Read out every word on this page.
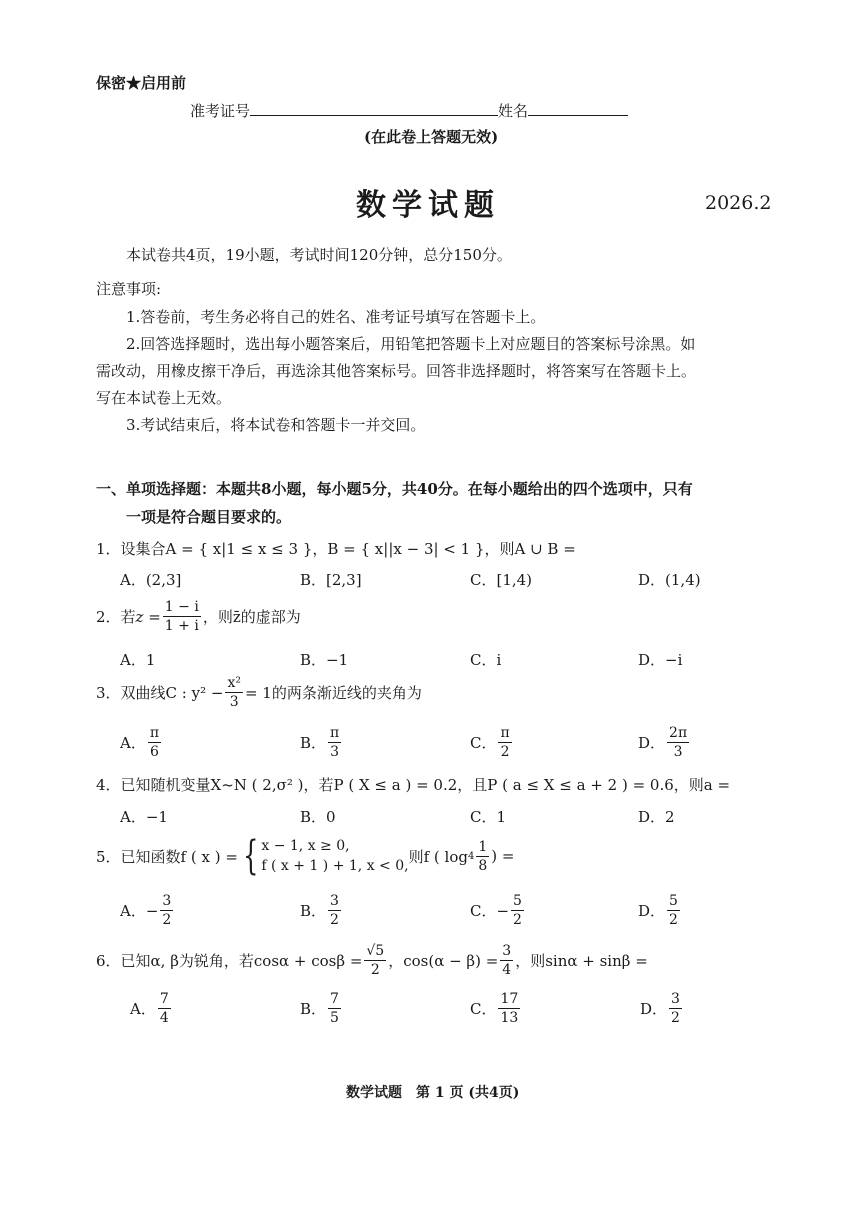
保密★启用前
准考证号	姓名
(在此卷上答题无效)
数学试题	2026.2
本试卷共4页，19小题，考试时间120分钟，总分150分。
注意事项:
1.答卷前，考生务必将自己的姓名、准考证号填写在答题卡上。
2.回答选择题时，选出每小题答案后，用铅笔把答题卡上对应题目的答案标号涂黑。如
需改动，用橡皮擦干净后，再选涂其他答案标号。回答非选择题时，将答案写在答题卡上。
写在本试卷上无效。
3.考试结束后，将本试卷和答题卡一并交回。
一、单项选择题：本题共8小题，每小题5分，共40分。在每小题给出的四个选项中，只有
一项是符合题目要求的。
1．设集合A = { x|1 ≤ x ≤ 3 }，B = { x||x − 3| < 1 }，则A ∪ B =
A．(2,3]	B．[2,3]	C．[1,4)	D．(1,4)
2．若 $z = \frac{1 - i}{1 + i}$ ，则z̄的虚部为
A．1	B．−1	C．i	D．−i
3．双曲线C : $y^2 - \frac{\text{x²}}{3} = 1$的两条渐近线的夹角为
A． $\frac{\pi}{6}$	B． $\frac{\pi}{3}$	C． $\frac{\pi}{2}$	D． $\frac{2\pi}{3}$
4．已知随机变量X~N ( 2,σ² )，若P ( X ≤ a ) = 0.2，且P ( a ≤ X ≤ a + 2 ) = 0.6，则a =
A．−1	B．0	C．1	D．2
5．已知函数f ( x ) = { x − 1, x ≥ 0,
f ( x + 1 ) + 1, x < 0,
则f ( $\log 4 \frac{1}{8}$ ) =
A．− $\frac{3}{2}$	B． $\frac{3}{2}$	C．− $\frac{5}{2}$	D． $\frac{5}{2}$
6．已知α, β为锐角，若$\cos\alpha + \cos\beta = \frac{√5}{2}$ ，$\cos(\alpha - \beta) = \frac{3}{4}$ ，则sinα + sinβ =
A． $\frac{7}{4}$	B． $\frac{7}{5}$	C． $\frac{17}{13}$	D． $\frac{3}{2}$
数学试题　第 1 页 (共4页)
